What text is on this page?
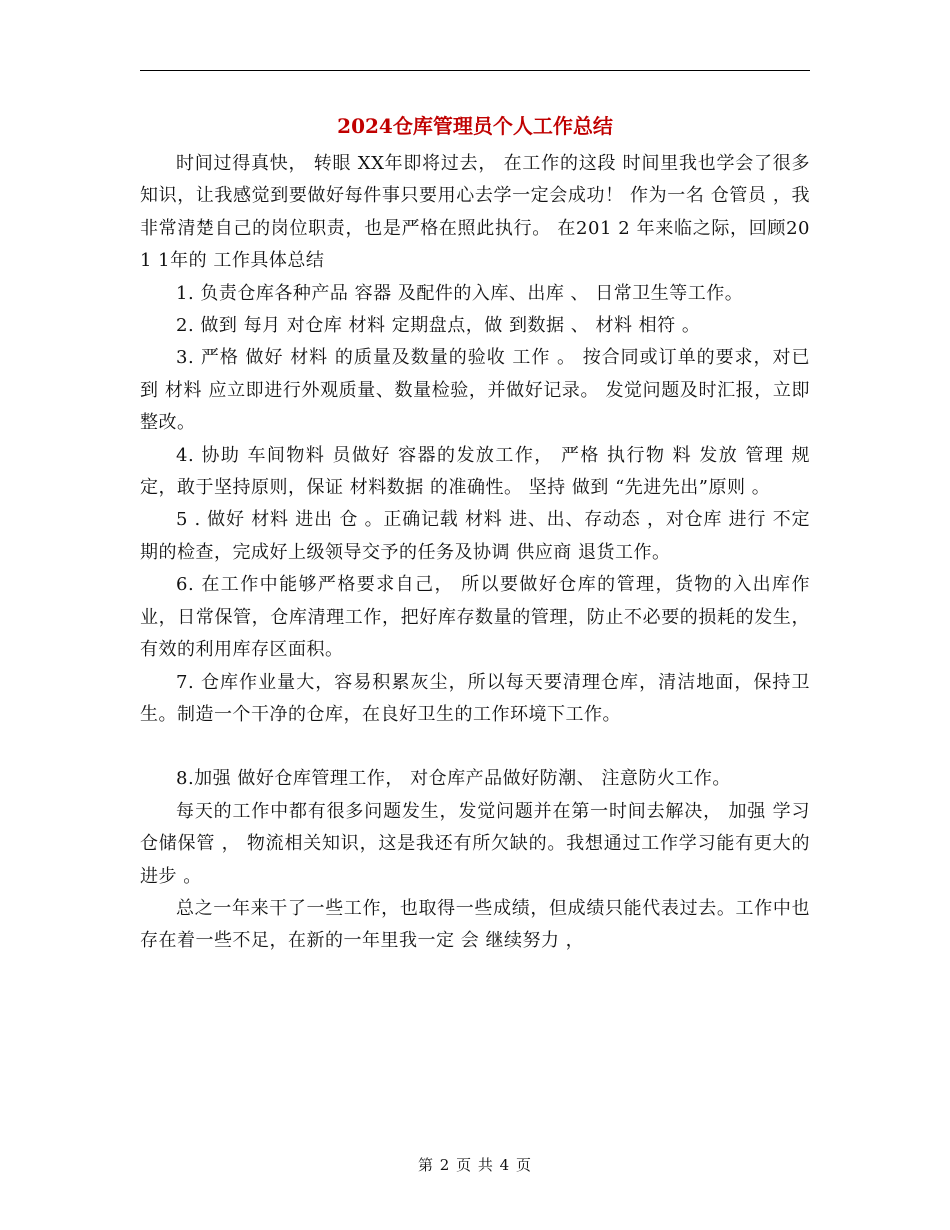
2024仓库管理员个人工作总结

时间过得真快， 转眼 XX年即将过去， 在工作的这段 时间里我也学会了很多知识，让我感觉到要做好每件事只要用心去学一定会成功！ 作为一名 仓管员 ，我非常清楚自己的岗位职责，也是严格在照此执行。 在201 2 年来临之际，回顾201 1年的 工作具体总结

1. 负责仓库各种产品 容器 及配件的入库、出库 、 日常卫生等工作。

2. 做到 每月 对仓库 材料 定期盘点，做 到数据 、 材料 相符 。

3. 严格 做好 材料 的质量及数量的验收 工作 。 按合同或订单的要求，对已到 材料 应立即进行外观质量、数量检验，并做好记录。 发觉问题及时汇报，立即整改。

4. 协助 车间物料 员做好 容器的发放工作， 严格 执行物 料 发放 管理 规定，敢于坚持原则，保证 材料数据 的准确性。 坚持 做到 “先进先出”原则 。

5 . 做好 材料 进出 仓 。正确记载 材料 进、出、存动态 ，对仓库 进行 不定期的检查，完成好上级领导交予的任务及协调 供应商 退货工作。

6. 在工作中能够严格要求自己， 所以要做好仓库的管理，货物的入出库作业，日常保管，仓库清理工作，把好库存数量的管理，防止不必要的损耗的发生，有效的利用库存区面积。

7. 仓库作业量大，容易积累灰尘，所以每天要清理仓库，清洁地面，保持卫生。制造一个干净的仓库，在良好卫生的工作环境下工作。

8.加强 做好仓库管理工作， 对仓库产品做好防潮、 注意防火工作。

每天的工作中都有很多问题发生，发觉问题并在第一时间去解决， 加强 学习仓储保管 ， 物流相关知识，这是我还有所欠缺的。我想通过工作学习能有更大的进步 。

总之一年来干了一些工作，也取得一些成绩，但成绩只能代表过去。工作中也存在着一些不足，在新的一年里我一定 会 继续努力 ，

第 2 页 共 4 页
